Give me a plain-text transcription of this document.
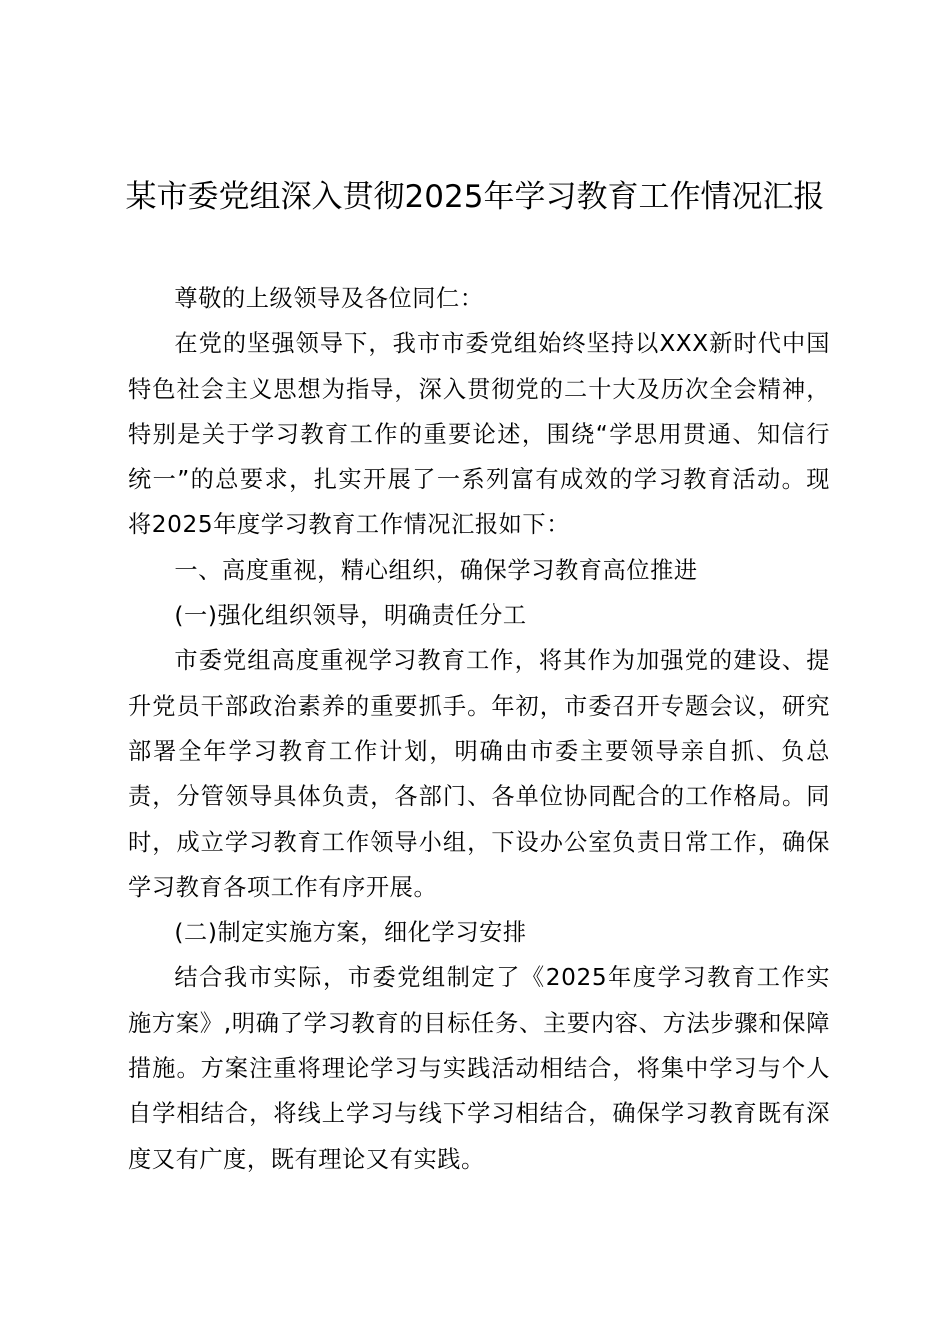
某市委党组深入贯彻2025年学习教育工作情况汇报

尊敬的上级领导及各位同仁：

在党的坚强领导下，我市市委党组始终坚持以XXX新时代中国特色社会主义思想为指导，深入贯彻党的二十大及历次全会精神，特别是关于学习教育工作的重要论述，围绕“学思用贯通、知信行统一”的总要求，扎实开展了一系列富有成效的学习教育活动。现将2025年度学习教育工作情况汇报如下：

一、高度重视，精心组织，确保学习教育高位推进

(一)强化组织领导，明确责任分工

市委党组高度重视学习教育工作，将其作为加强党的建设、提升党员干部政治素养的重要抓手。年初，市委召开专题会议，研究部署全年学习教育工作计划，明确由市委主要领导亲自抓、负总责，分管领导具体负责，各部门、各单位协同配合的工作格局。同时，成立学习教育工作领导小组，下设办公室负责日常工作，确保学习教育各项工作有序开展。

(二)制定实施方案，细化学习安排

结合我市实际，市委党组制定了《2025年度学习教育工作实施方案》,明确了学习教育的目标任务、主要内容、方法步骤和保障措施。方案注重将理论学习与实践活动相结合，将集中学习与个人自学相结合，将线上学习与线下学习相结合，确保学习教育既有深度又有广度，既有理论又有实践。
